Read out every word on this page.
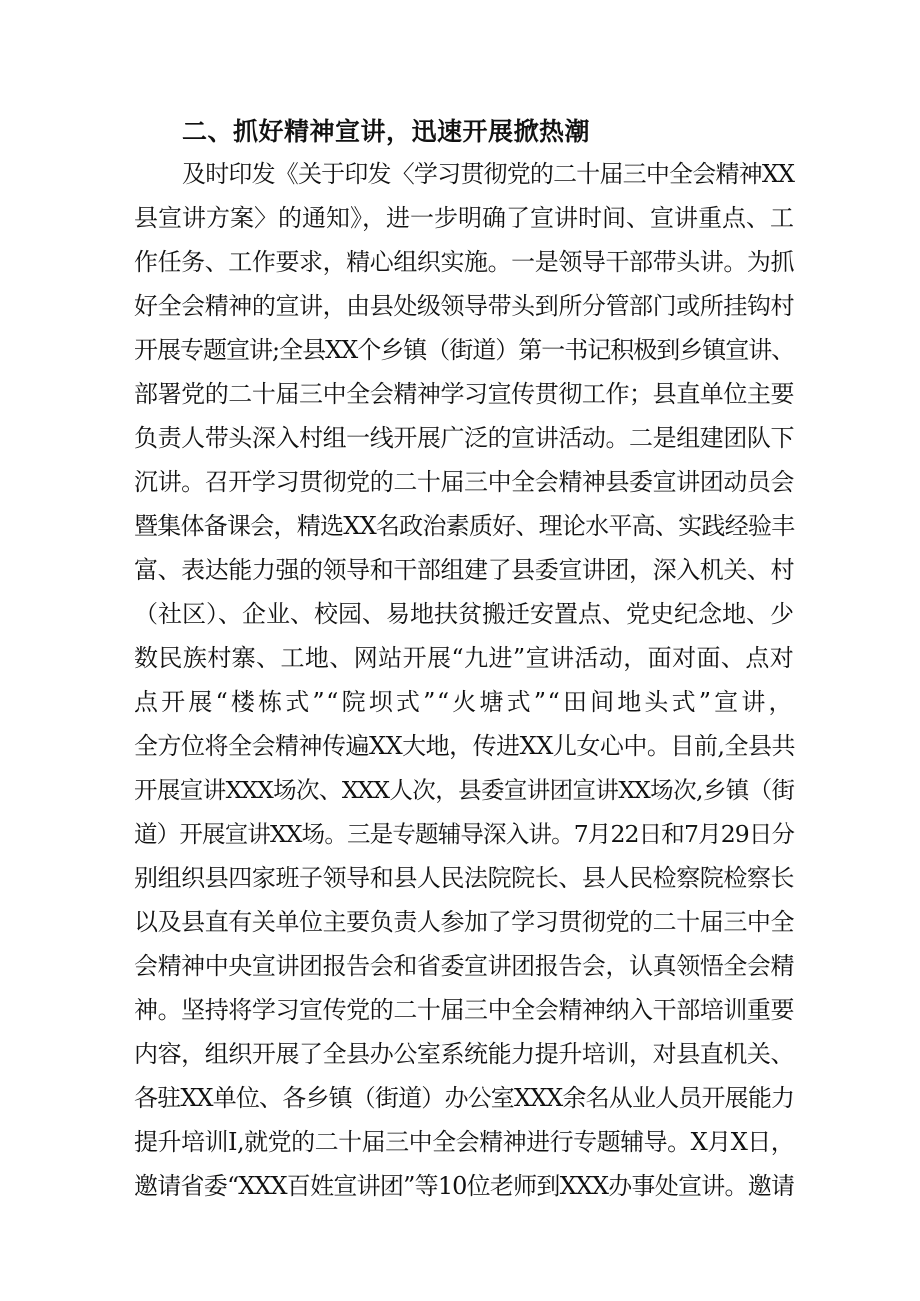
二、抓好精神宣讲，迅速开展掀热潮
及时印发《关于印发〈学习贯彻党的二十届三中全会精神XX
县宣讲方案〉的通知》，进一步明确了宣讲时间、宣讲重点、工
作任务、工作要求，精心组织实施。一是领导干部带头讲。为抓
好全会精神的宣讲，由县处级领导带头到所分管部门或所挂钩村
开展专题宣讲;全县XX个乡镇（街道）第一书记积极到乡镇宣讲、
部署党的二十届三中全会精神学习宣传贯彻工作；县直单位主要
负责人带头深入村组一线开展广泛的宣讲活动。二是组建团队下
沉讲。召开学习贯彻党的二十届三中全会精神县委宣讲团动员会
暨集体备课会，精选XX名政治素质好、理论水平高、实践经验丰
富、表达能力强的领导和干部组建了县委宣讲团，深入机关、村
（社区）、企业、校园、易地扶贫搬迁安置点、党史纪念地、少
数民族村寨、工地、网站开展“九进”宣讲活动，面对面、点对
点开展“楼栋式”“院坝式”“火塘式”“田间地头式”宣讲，
全方位将全会精神传遍XX大地，传进XX儿女心中。目前,全县共
开展宣讲XXX场次、XXX人次，县委宣讲团宣讲XX场次,乡镇（街
道）开展宣讲XX场。三是专题辅导深入讲。7月22日和7月29日分
别组织县四家班子领导和县人民法院院长、县人民检察院检察长
以及县直有关单位主要负责人参加了学习贯彻党的二十届三中全
会精神中央宣讲团报告会和省委宣讲团报告会，认真领悟全会精
神。坚持将学习宣传党的二十届三中全会精神纳入干部培训重要
内容，组织开展了全县办公室系统能力提升培训，对县直机关、
各驻XX单位、各乡镇（街道）办公室XXX余名从业人员开展能力
提升培训I,就党的二十届三中全会精神进行专题辅导。X月X日，
邀请省委“XXX百姓宣讲团”等10位老师到XXX办事处宣讲。邀请
